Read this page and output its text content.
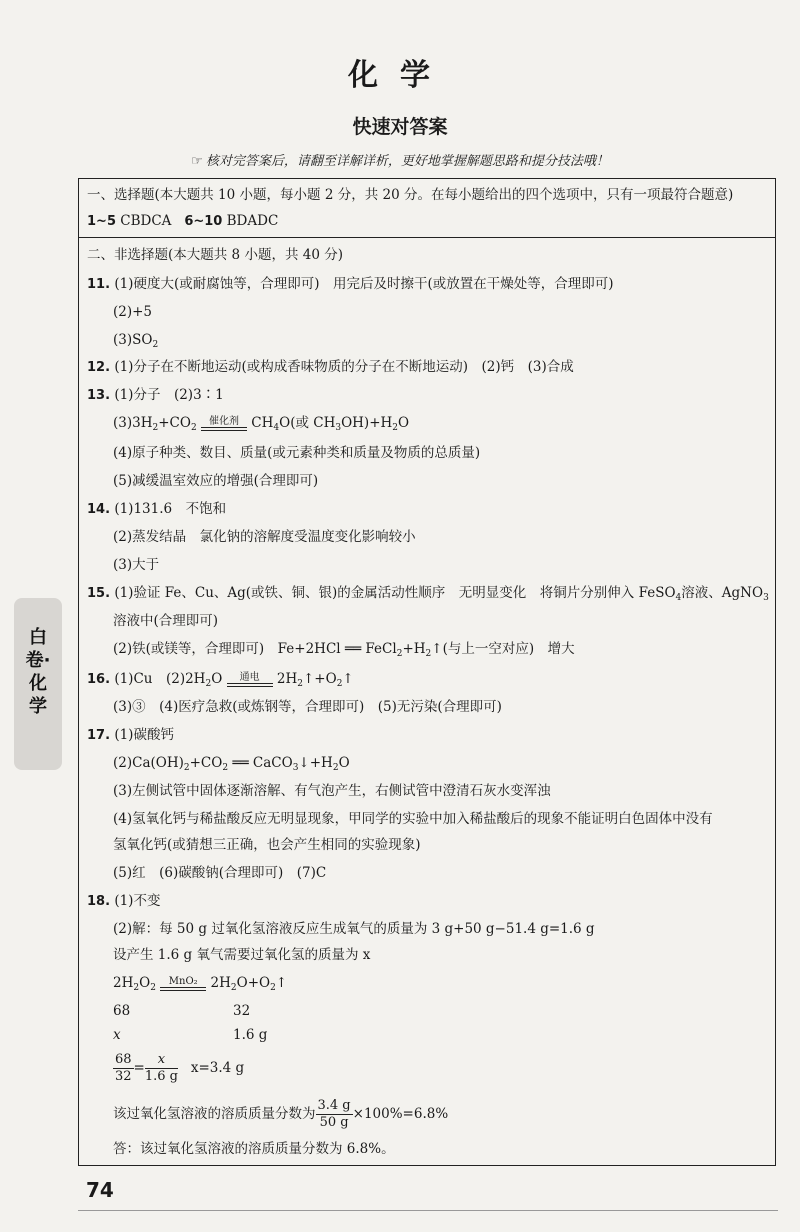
化学
快速对答案
☞ 核对完答案后，请翻至详解详析，更好地掌握解题思路和提分技法哦！
白卷·化学
一、选择题(本大题共 10 小题，每小题 2 分，共 20 分。在每小题给出的四个选项中，只有一项最符合题意)
1~5 CBDCA 6~10 BDADC
二、非选择题(本大题共 8 小题，共 40 分)
11. (1)硬度大(或耐腐蚀等，合理即可)　用完后及时擦干(或放置在干燥处等，合理即可)
(2)+5
$(3)SO_2$
12. (1)分子在不断地运动(或构成香味物质的分子在不断地运动)　(2)钙　(3)合成
13. (1)分子　(2)3∶1
$(3)3H_2+CO_2$
催化剂 $CH_4O$(或 $CH_3OH)+H_2O$
(4)原子种类、数目、质量(或元素种类和质量及物质的总质量)
(5)减缓温室效应的增强(合理即可)
14. (1)131.6　不饱和
(2)蒸发结晶　氯化钠的溶解度受温度变化影响较小
(3)大于
15. (1)验证 Fe、Cu、Ag(或铁、铜、银)的金属活动性顺序　无明显变化　将铜片分别伸入 FeSO$_4$溶液、AgNO$_3$
溶液中(合理即可)
(2)铁(或镁等，合理即可)　Fe+2HCl ══ $FeCl_2+H_2↑$(与上一空对应)　增大
16. (1)Cu　$(2)2H_2O$	通电	$2H_2↑+O_2↑$
(3)③　(4)医疗急救(或炼钢等，合理即可)　(5)无污染(合理即可)
17. (1)碳酸钙
$(2)Ca(OH)_2+CO_2$ ══ $CaCO_3↓+H_2O$
(3)左侧试管中固体逐渐溶解、有气泡产生，右侧试管中澄清石灰水变浑浊
(4)氢氧化钙与稀盐酸反应无明显现象，甲同学的实验中加入稀盐酸后的现象不能证明白色固体中没有
氢氧化钙(或猜想三正确，也会产生相同的实验现象)
(5)红　(6)碳酸钠(合理即可)　(7)C
18. (1)不变
(2)解：每 50 g 过氧化氢溶液反应生成氧气的质量为 3 g+50 g−51.4 g=1.6 g
设产生 1.6 g 氧气需要过氧化氢的质量为 x
$2H_2O_2$
MnO₂ $2H_2O+O_2↑$
68	32
x	1.6 g
$\frac{68}{32} = \frac{x}{1.6 g} x=3.4$ g
该过氧化氢溶液的溶质质量分数为 $\frac{3.4 g}{50 g} \times 100\%=6.8\%$
答：该过氧化氢溶液的溶质质量分数为 6.8%。
74
